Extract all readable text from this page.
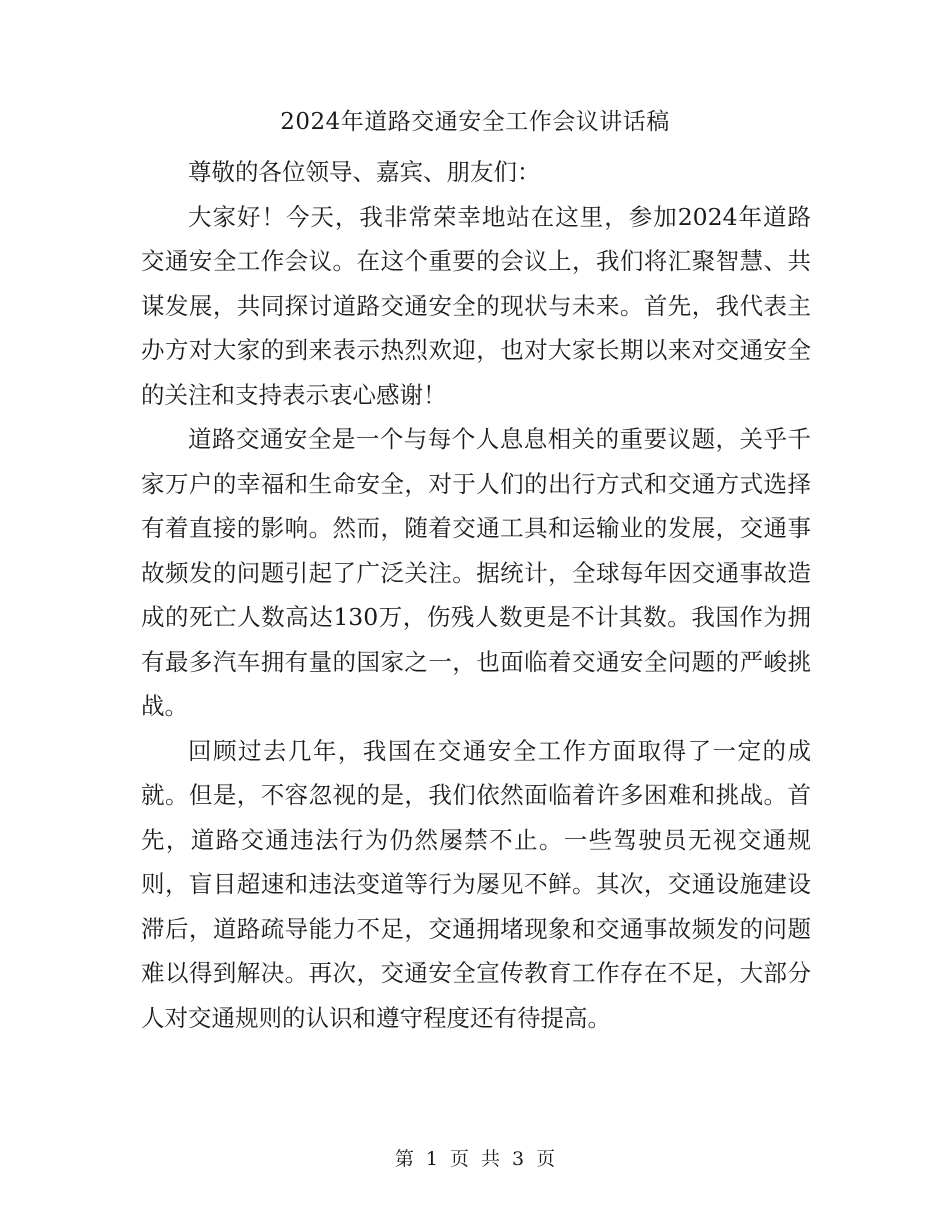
2024年道路交通安全工作会议讲话稿

尊敬的各位领导、嘉宾、朋友们：

大家好！今天，我非常荣幸地站在这里，参加2024年道路交通安全工作会议。在这个重要的会议上，我们将汇聚智慧、共谋发展，共同探讨道路交通安全的现状与未来。首先，我代表主办方对大家的到来表示热烈欢迎，也对大家长期以来对交通安全的关注和支持表示衷心感谢！

道路交通安全是一个与每个人息息相关的重要议题，关乎千家万户的幸福和生命安全，对于人们的出行方式和交通方式选择有着直接的影响。然而，随着交通工具和运输业的发展，交通事故频发的问题引起了广泛关注。据统计，全球每年因交通事故造成的死亡人数高达130万，伤残人数更是不计其数。我国作为拥有最多汽车拥有量的国家之一，也面临着交通安全问题的严峻挑战。

回顾过去几年，我国在交通安全工作方面取得了一定的成就。但是，不容忽视的是，我们依然面临着许多困难和挑战。首先，道路交通违法行为仍然屡禁不止。一些驾驶员无视交通规则，盲目超速和违法变道等行为屡见不鲜。其次，交通设施建设滞后，道路疏导能力不足，交通拥堵现象和交通事故频发的问题难以得到解决。再次，交通安全宣传教育工作存在不足，大部分人对交通规则的认识和遵守程度还有待提高。

第 1 页 共 3 页
